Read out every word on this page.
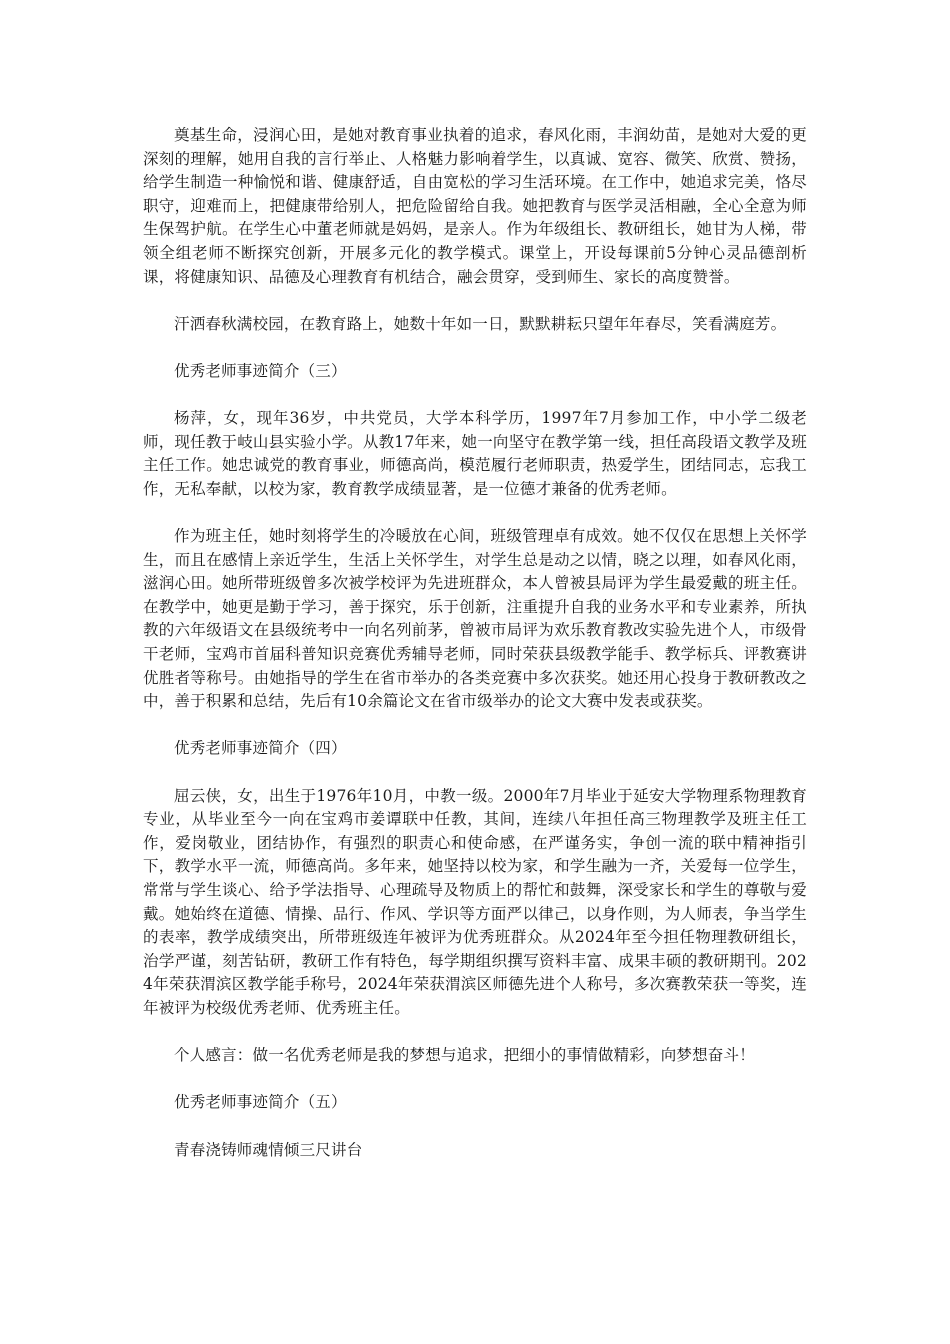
奠基生命，浸润心田，是她对教育事业执着的追求，春风化雨，丰润幼苗，是她对大爱的更深刻的理解，她用自我的言行举止、人格魅力影响着学生，以真诚、宽容、微笑、欣赏、赞扬，给学生制造一种愉悦和谐、健康舒适，自由宽松的学习生活环境。在工作中，她追求完美，恪尽职守，迎难而上，把健康带给别人，把危险留给自我。她把教育与医学灵活相融，全心全意为师生保驾护航。在学生心中董老师就是妈妈，是亲人。作为年级组长、教研组长，她甘为人梯，带领全组老师不断探究创新，开展多元化的教学模式。课堂上，开设每课前5分钟心灵品德剖析课，将健康知识、品德及心理教育有机结合，融会贯穿，受到师生、家长的高度赞誉。

汗洒春秋满校园，在教育路上，她数十年如一日，默默耕耘只望年年春尽，笑看满庭芳。

优秀老师事迹简介（三）

杨萍，女，现年36岁，中共党员，大学本科学历，1997年7月参加工作，中小学二级老师，现任教于岐山县实验小学。从教17年来，她一向坚守在教学第一线，担任高段语文教学及班主任工作。她忠诚党的教育事业，师德高尚，模范履行老师职责，热爱学生，团结同志，忘我工作，无私奉献，以校为家，教育教学成绩显著，是一位德才兼备的优秀老师。

作为班主任，她时刻将学生的冷暖放在心间，班级管理卓有成效。她不仅仅在思想上关怀学生，而且在感情上亲近学生，生活上关怀学生，对学生总是动之以情，晓之以理，如春风化雨，滋润心田。她所带班级曾多次被学校评为先进班群众，本人曾被县局评为学生最爱戴的班主任。在教学中，她更是勤于学习，善于探究，乐于创新，注重提升自我的业务水平和专业素养，所执教的六年级语文在县级统考中一向名列前茅，曾被市局评为欢乐教育教改实验先进个人，市级骨干老师，宝鸡市首届科普知识竞赛优秀辅导老师，同时荣获县级教学能手、教学标兵、评教赛讲优胜者等称号。由她指导的学生在省市举办的各类竞赛中多次获奖。她还用心投身于教研教改之中，善于积累和总结，先后有10余篇论文在省市级举办的论文大赛中发表或获奖。

优秀老师事迹简介（四）

屈云侠，女，出生于1976年10月，中教一级。2000年7月毕业于延安大学物理系物理教育专业，从毕业至今一向在宝鸡市姜谭联中任教，其间，连续八年担任高三物理教学及班主任工作，爱岗敬业，团结协作，有强烈的职责心和使命感，在严谨务实，争创一流的联中精神指引下，教学水平一流，师德高尚。多年来，她坚持以校为家，和学生融为一齐，关爱每一位学生，常常与学生谈心、给予学法指导、心理疏导及物质上的帮忙和鼓舞，深受家长和学生的尊敬与爱戴。她始终在道德、情操、品行、作风、学识等方面严以律己，以身作则，为人师表，争当学生的表率，教学成绩突出，所带班级连年被评为优秀班群众。从2024年至今担任物理教研组长，治学严谨，刻苦钻研，教研工作有特色，每学期组织撰写资料丰富、成果丰硕的教研期刊。2024年荣获渭滨区教学能手称号，2024年荣获渭滨区师德先进个人称号，多次赛教荣获一等奖，连年被评为校级优秀老师、优秀班主任。

个人感言：做一名优秀老师是我的梦想与追求，把细小的事情做精彩，向梦想奋斗！

优秀老师事迹简介（五）

青春浇铸师魂情倾三尺讲台
